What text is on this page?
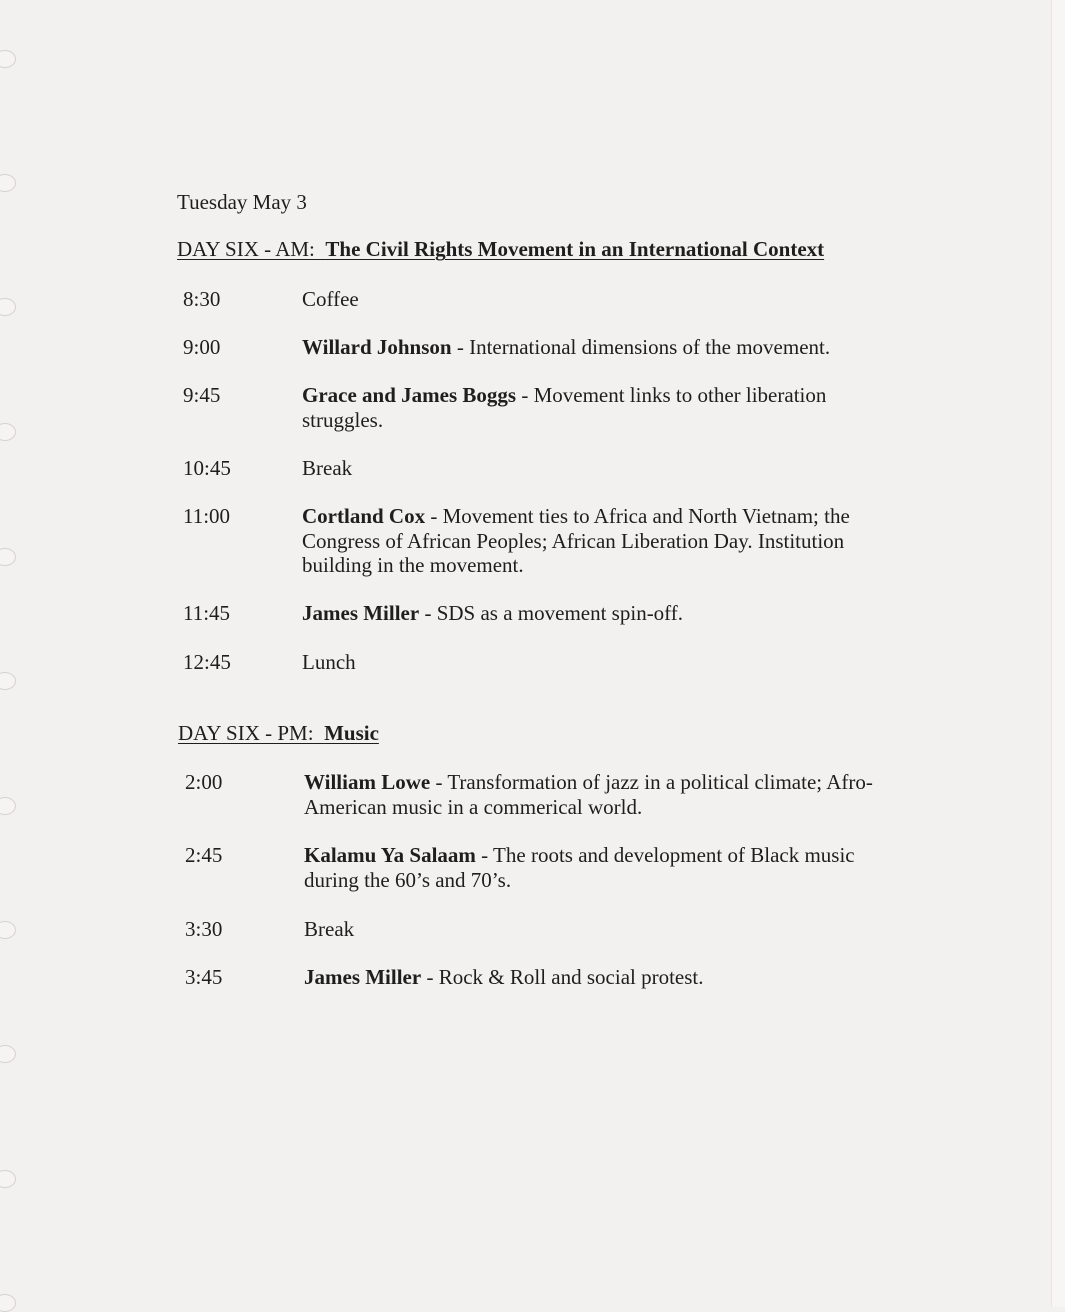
Tuesday May 3
DAY SIX - AM: The Civil Rights Movement in an International Context
8:30	Coffee
9:00	Willard Johnson - International dimensions of the movement.
9:45	Grace and James Boggs - Movement links to other liberation struggles.
10:45	Break
11:00	Cortland Cox - Movement ties to Africa and North Vietnam; the Congress of African Peoples; African Liberation Day. Institution building in the movement.
11:45	James Miller - SDS as a movement spin-off.
12:45	Lunch
DAY SIX - PM: Music
2:00	William Lowe - Transformation of jazz in a political climate; Afro-American music in a commerical world.
2:45	Kalamu Ya Salaam - The roots and development of Black music during the 60’s and 70’s.
3:30	Break
3:45	James Miller - Rock & Roll and social protest.
